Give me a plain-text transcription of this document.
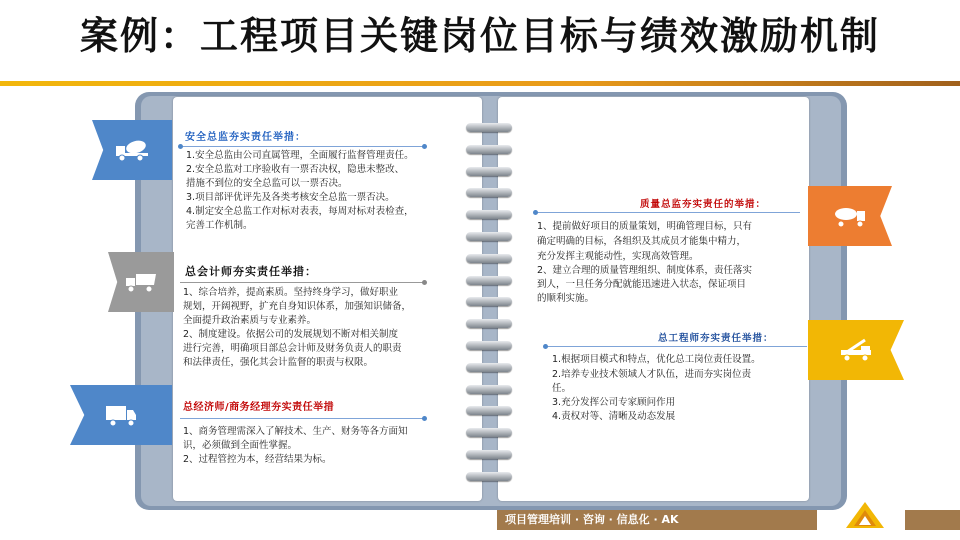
案例：工程项目关键岗位目标与绩效激励机制
安全总监夯实责任举措：
1.安全总监由公司直属管理，全面履行监督管理责任。
2.安全总监对工序验收有一票否决权，隐患未整改、
措施不到位的安全总监可以一票否决。
3.项目部评优评先及各类考核安全总监一票否决。
4.制定安全总监工作对标对表表，每周对标对表检查，
完善工作机制。
总会计师夯实责任举措：
1、综合培养，提高素质。坚持终身学习，做好职业
规划，开阔视野，扩充自身知识体系，加强知识储备，
全面提升政治素质与专业素养。
2、制度建设。依据公司的发展规划不断对相关制度
进行完善，明确项目部总会计师及财务负责人的职责
和法律责任，强化其会计监督的职责与权限。
总经济师/商务经理夯实责任举措
1、商务管理需深入了解技术、生产、财务等各方面知
识，必须做到全面性掌握。
2、过程管控为本，经营结果为标。
质量总监夯实责任的举措：
1、提前做好项目的质量策划，明确管理目标，只有
确定明确的目标，各组织及其成员才能集中精力，
充分发挥主观能动性，实现高效管理。
2、建立合理的质量管理组织、制度体系，责任落实
到人，一旦任务分配就能迅速进入状态，保证项目
的顺利实施。
总工程师夯实责任举措：
1.根据项目模式和特点，优化总工岗位责任设置。
2.培养专业技术领域人才队伍，进而夯实岗位责
任。
3.充分发挥公司专家顾问作用
4.责权对等、清晰及动态发展
项目管理培训 · 咨询 · 信息化 · AK
